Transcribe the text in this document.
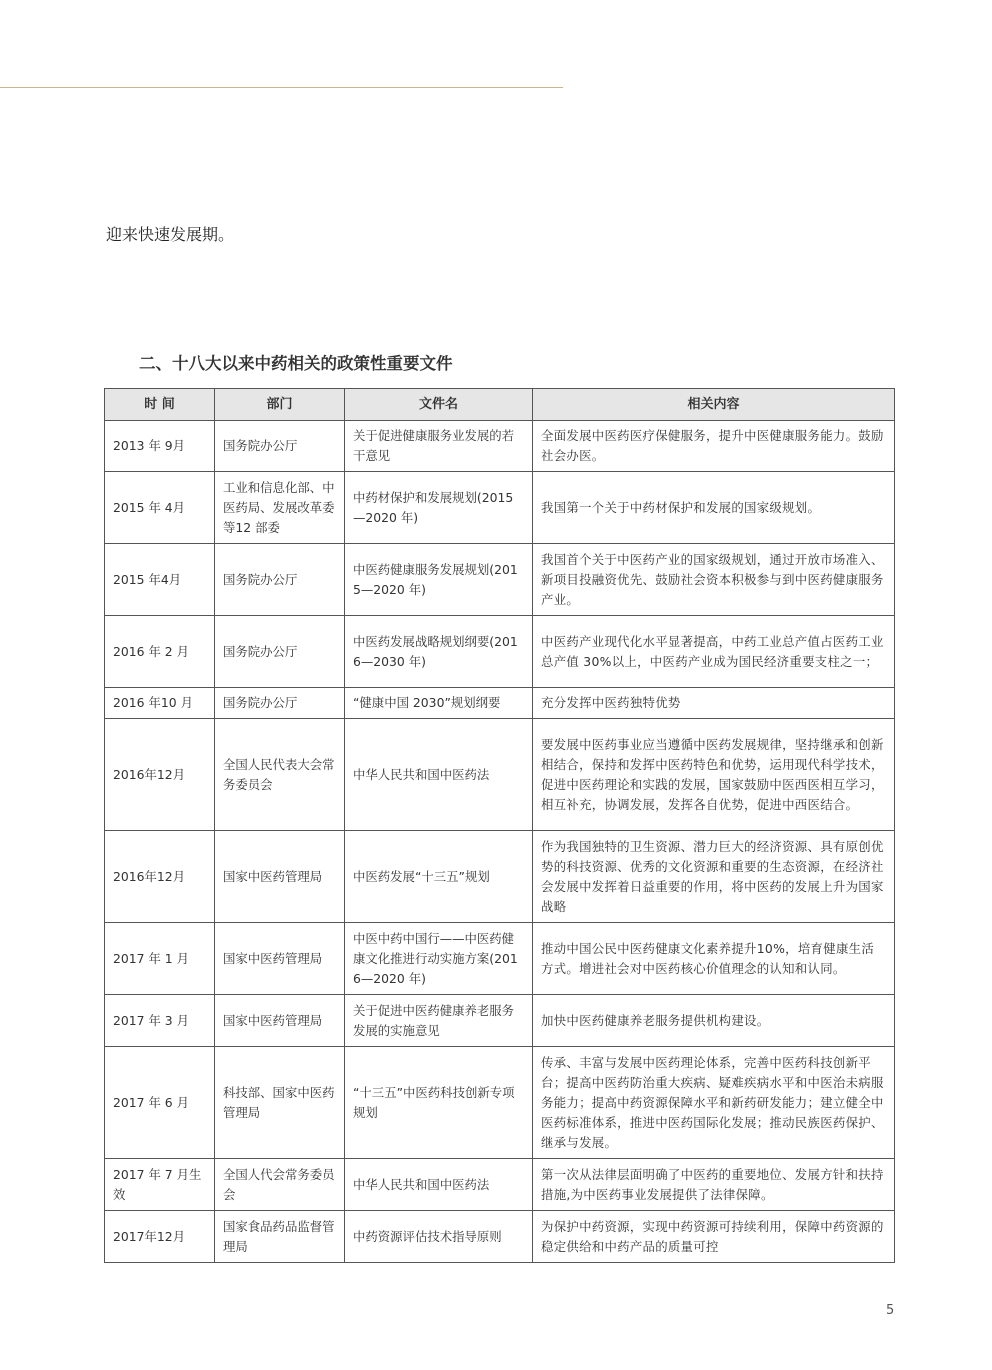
迎来快速发展期。
二、十八大以来中药相关的政策性重要文件
时 间	部门	文件名	相关内容
2013 年 9月	国务院办公厅	关于促进健康服务业发展的若干意见	全面发展中医药医疗保健服务，提升中医健康服务能力。鼓励社会办医。
2015 年 4月	工业和信息化部、中医药局、发展改革委等12 部委	中药材保护和发展规划(2015—2020 年)	我国第一个关于中药材保护和发展的国家级规划。
2015 年4月	国务院办公厅	中医药健康服务发展规划(2015—2020 年)	我国首个关于中医药产业的国家级规划，通过开放市场准入、新项目投融资优先、鼓励社会资本积极参与到中医药健康服务产业。
2016 年 2 月	国务院办公厅	中医药发展战略规划纲要(2016—2030 年)	中医药产业现代化水平显著提高，中药工业总产值占医药工业总产值 30%以上，中医药产业成为国民经济重要支柱之一；
2016 年10 月	国务院办公厅	“健康中国 2030”规划纲要	充分发挥中医药独特优势
2016年12月	全国人民代表大会常务委员会	中华人民共和国中医药法	要发展中医药事业应当遵循中医药发展规律，坚持继承和创新相结合，保持和发挥中医药特色和优势，运用现代科学技术，促进中医药理论和实践的发展，国家鼓励中医西医相互学习，相互补充，协调发展，发挥各自优势，促进中西医结合。
2016年12月	国家中医药管理局	中医药发展“十三五”规划	作为我国独特的卫生资源、潜力巨大的经济资源、具有原创优势的科技资源、优秀的文化资源和重要的生态资源，在经济社会发展中发挥着日益重要的作用，将中医药的发展上升为国家战略
2017 年 1 月	国家中医药管理局	中医中药中国行——中医药健康文化推进行动实施方案(2016—2020 年)	推动中国公民中医药健康文化素养提升10%，培育健康生活方式。增进社会对中医药核心价值理念的认知和认同。
2017 年 3 月	国家中医药管理局	关于促进中医药健康养老服务发展的实施意见	加快中医药健康养老服务提供机构建设。
2017 年 6 月	科技部、国家中医药管理局	“十三五”中医药科技创新专项规划	传承、丰富与发展中医药理论体系，完善中医药科技创新平台；提高中医药防治重大疾病、疑难疾病水平和中医治未病服务能力；提高中药资源保障水平和新药研发能力；建立健全中医药标准体系，推进中医药国际化发展；推动民族医药保护、继承与发展。
2017 年 7 月生效	全国人代会常务委员会	中华人民共和国中医药法	第一次从法律层面明确了中医药的重要地位、发展方针和扶持措施,为中医药事业发展提供了法律保障。
2017年12月	国家食品药品监督管理局	中药资源评估技术指导原则	为保护中药资源，实现中药资源可持续利用，保障中药资源的稳定供给和中药产品的质量可控
5
